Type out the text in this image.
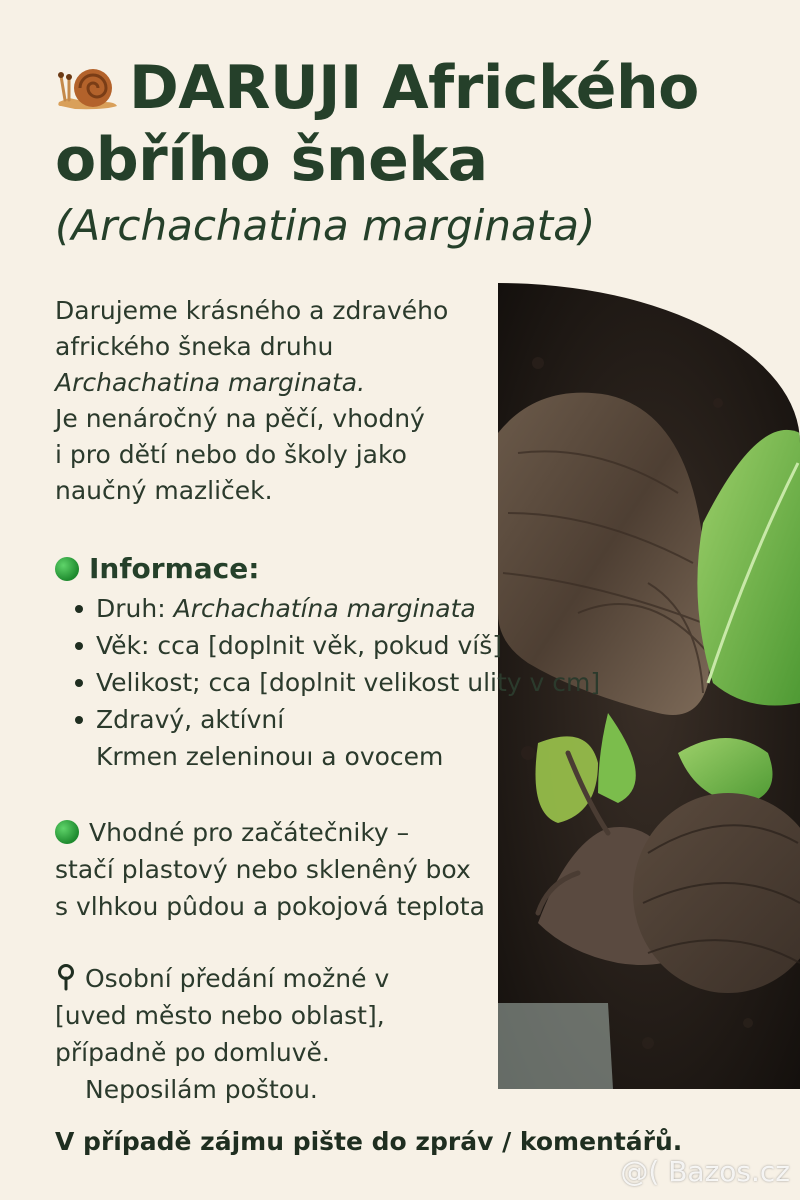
DARUJI Afrického
obřího šneka
(Archachatina marginata)
Darujeme krásného a zdravého
afrického šneka druhu
Archachatina marginata.
Je nenáročný na pěčí, vhodný
i pro dětí nebo do školy jako
naučný mazliček.
Informace:
Druh: Archachatína marginata
Věk: cca [doplnit věk, pokud víš]
Velikost; cca [doplnit velikost ulity v cm]
Zdravý, aktívní
Krmen zeleninouı a ovocem
Vhodné pro začátečniky –
stačí plastový nebo sklenêný box
s vlhkou pûdou a pokojová teplota
Osobní předání možné v
[uved město nebo oblast],
případně po domluvě.
Neposilám poštou.
V případě zájmu pište do zpráv / komentářů.
@( Bazos.cz
